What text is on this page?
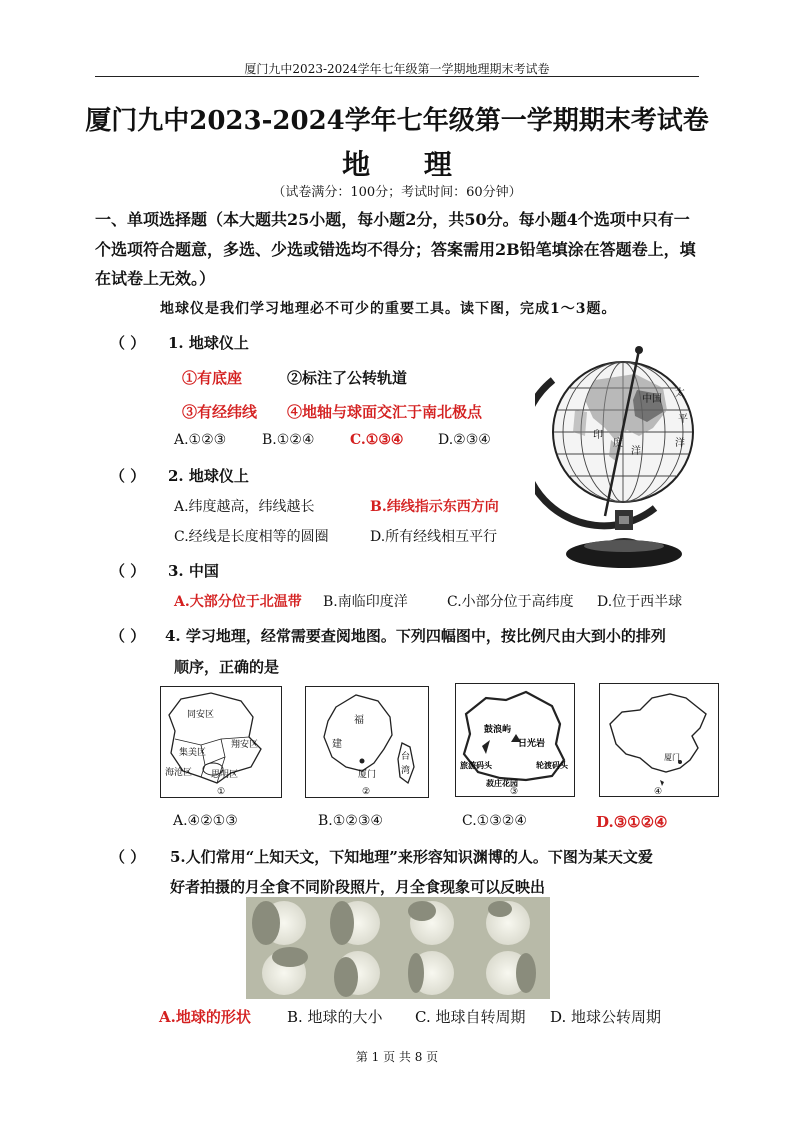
厦门九中2023-2024学年七年级第一学期地理期末考试卷
厦门九中2023-2024学年七年级第一学期期末考试卷
地 理
（试卷满分：100分；考试时间：60分钟）
一、单项选择题（本大题共25小题，每小题2分，共50分。每小题4个选项中只有一
个选项符合题意，多选、少选或错选均不得分；答案需用2B铅笔填涂在答题卷上，填
在试卷上无效。）
地球仪是我们学习地理必不可少的重要工具。读下图，完成1～3题。
（ ） 1. 地球仪上
①有底座	②标注了公转轨道
③有经纬线 ④地轴与球面交汇于南北极点
A.①②③	B.①②④	C.①③④ D.②③④
中国
印
度
洋
太
平
洋
（ ） 2. 地球仪上
A.纬度越高，纬线越长	B.纬线指示东西方向
C.经线是长度相等的圆圈	D.所有经线相互平行
（ ） 3. 中国
A.大部分位于北温带 B.南临印度洋	C.小部分位于高纬度 D.位于西半球
（ ） 4. 学习地理，经常需要查阅地图。下列四幅图中，按比例尺由大到小的排列
顺序，正确的是
同安区
翔安区
集美区
海沧区 思明区
①
福
建
厦门
台
湾
②
鼓浪屿
日光岩
旅游码头
菽庄花园
轮渡码头
③
厦门
④
A.④②①③	B.①②③④	C.①③②④	D.③①②④
（ ） 5.人们常用“上知天文，下知地理”来形容知识渊博的人。下图为某天文爱
好者拍摄的月全食不同阶段照片，月全食现象可以反映出
A.地球的形状 B. 地球的大小 C. 地球自转周期 D. 地球公转周期
第 1 页 共 8 页
